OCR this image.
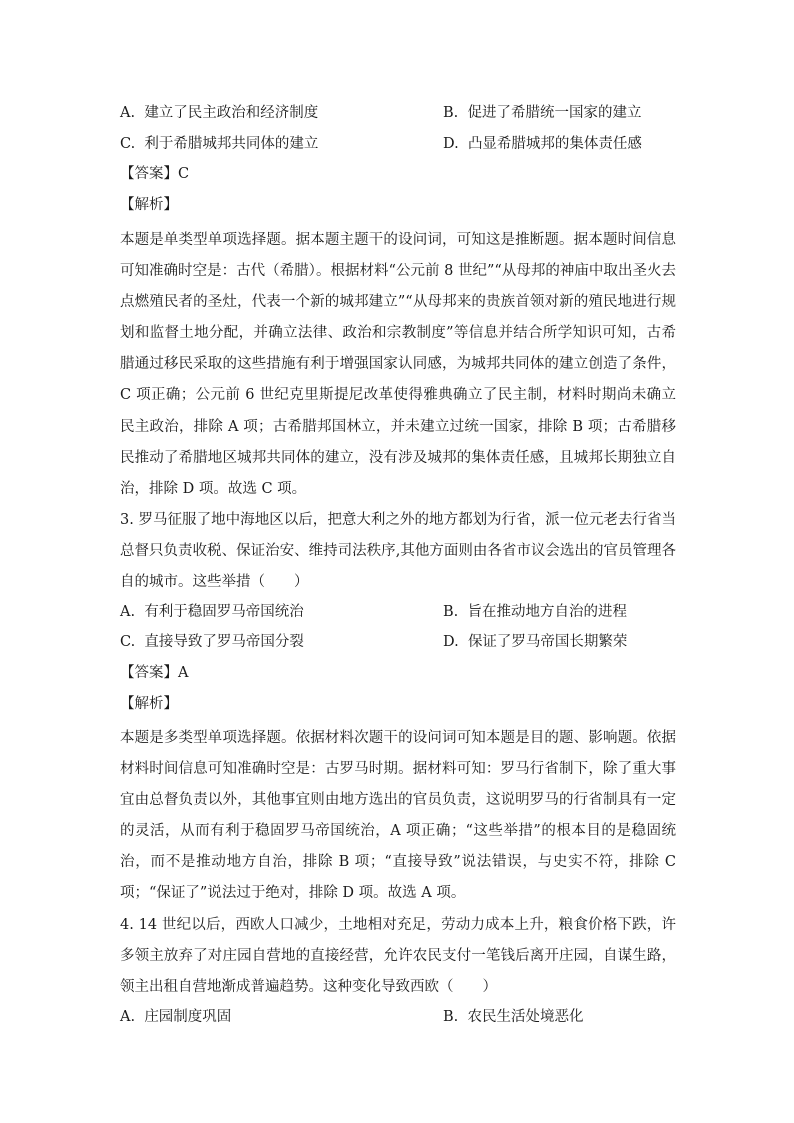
A. 建立了民主政治和经济制度	B. 促进了希腊统一国家的建立
C. 利于希腊城邦共同体的建立	D. 凸显希腊城邦的集体责任感
【答案】C
【解析】
本题是单类型单项选择题。据本题主题干的设问词，可知这是推断题。据本题时间信息可知准确时空是：古代（希腊）。根据材料“公元前 8 世纪”“从母邦的神庙中取出圣火去点燃殖民者的圣灶，代表一个新的城邦建立”“从母邦来的贵族首领对新的殖民地进行规划和监督土地分配，并确立法律、政治和宗教制度”等信息并结合所学知识可知，古希腊通过移民采取的这些措施有利于增强国家认同感，为城邦共同体的建立创造了条件，C 项正确；公元前 6 世纪克里斯提尼改革使得雅典确立了民主制，材料时期尚未确立民主政治，排除 A 项；古希腊邦国林立，并未建立过统一国家，排除 B 项；古希腊移民推动了希腊地区城邦共同体的建立，没有涉及城邦的集体责任感，且城邦长期独立自治，排除 D 项。故选 C 项。
3. 罗马征服了地中海地区以后，把意大利之外的地方都划为行省，派一位元老去行省当总督只负责收税、保证治安、维持司法秩序,其他方面则由各省市议会选出的官员管理各自的城市。这些举措（　　）
A. 有利于稳固罗马帝国统治	B. 旨在推动地方自治的进程
C. 直接导致了罗马帝国分裂	D. 保证了罗马帝国长期繁荣
【答案】A
【解析】
本题是多类型单项选择题。依据材料次题干的设问词可知本题是目的题、影响题。依据材料时间信息可知准确时空是：古罗马时期。据材料可知：罗马行省制下，除了重大事宜由总督负责以外，其他事宜则由地方选出的官员负责，这说明罗马的行省制具有一定的灵活，从而有利于稳固罗马帝国统治，A 项正确；“这些举措”的根本目的是稳固统治，而不是推动地方自治，排除 B 项；“直接导致”说法错误，与史实不符，排除 C 项；“保证了”说法过于绝对，排除 D 项。故选 A 项。
4. 14 世纪以后，西欧人口减少，土地相对充足，劳动力成本上升，粮食价格下跌，许多领主放弃了对庄园自营地的直接经营，允许农民支付一笔钱后离开庄园，自谋生路，领主出租自营地渐成普遍趋势。这种变化导致西欧（　　）
A. 庄园制度巩固	B. 农民生活处境恶化
